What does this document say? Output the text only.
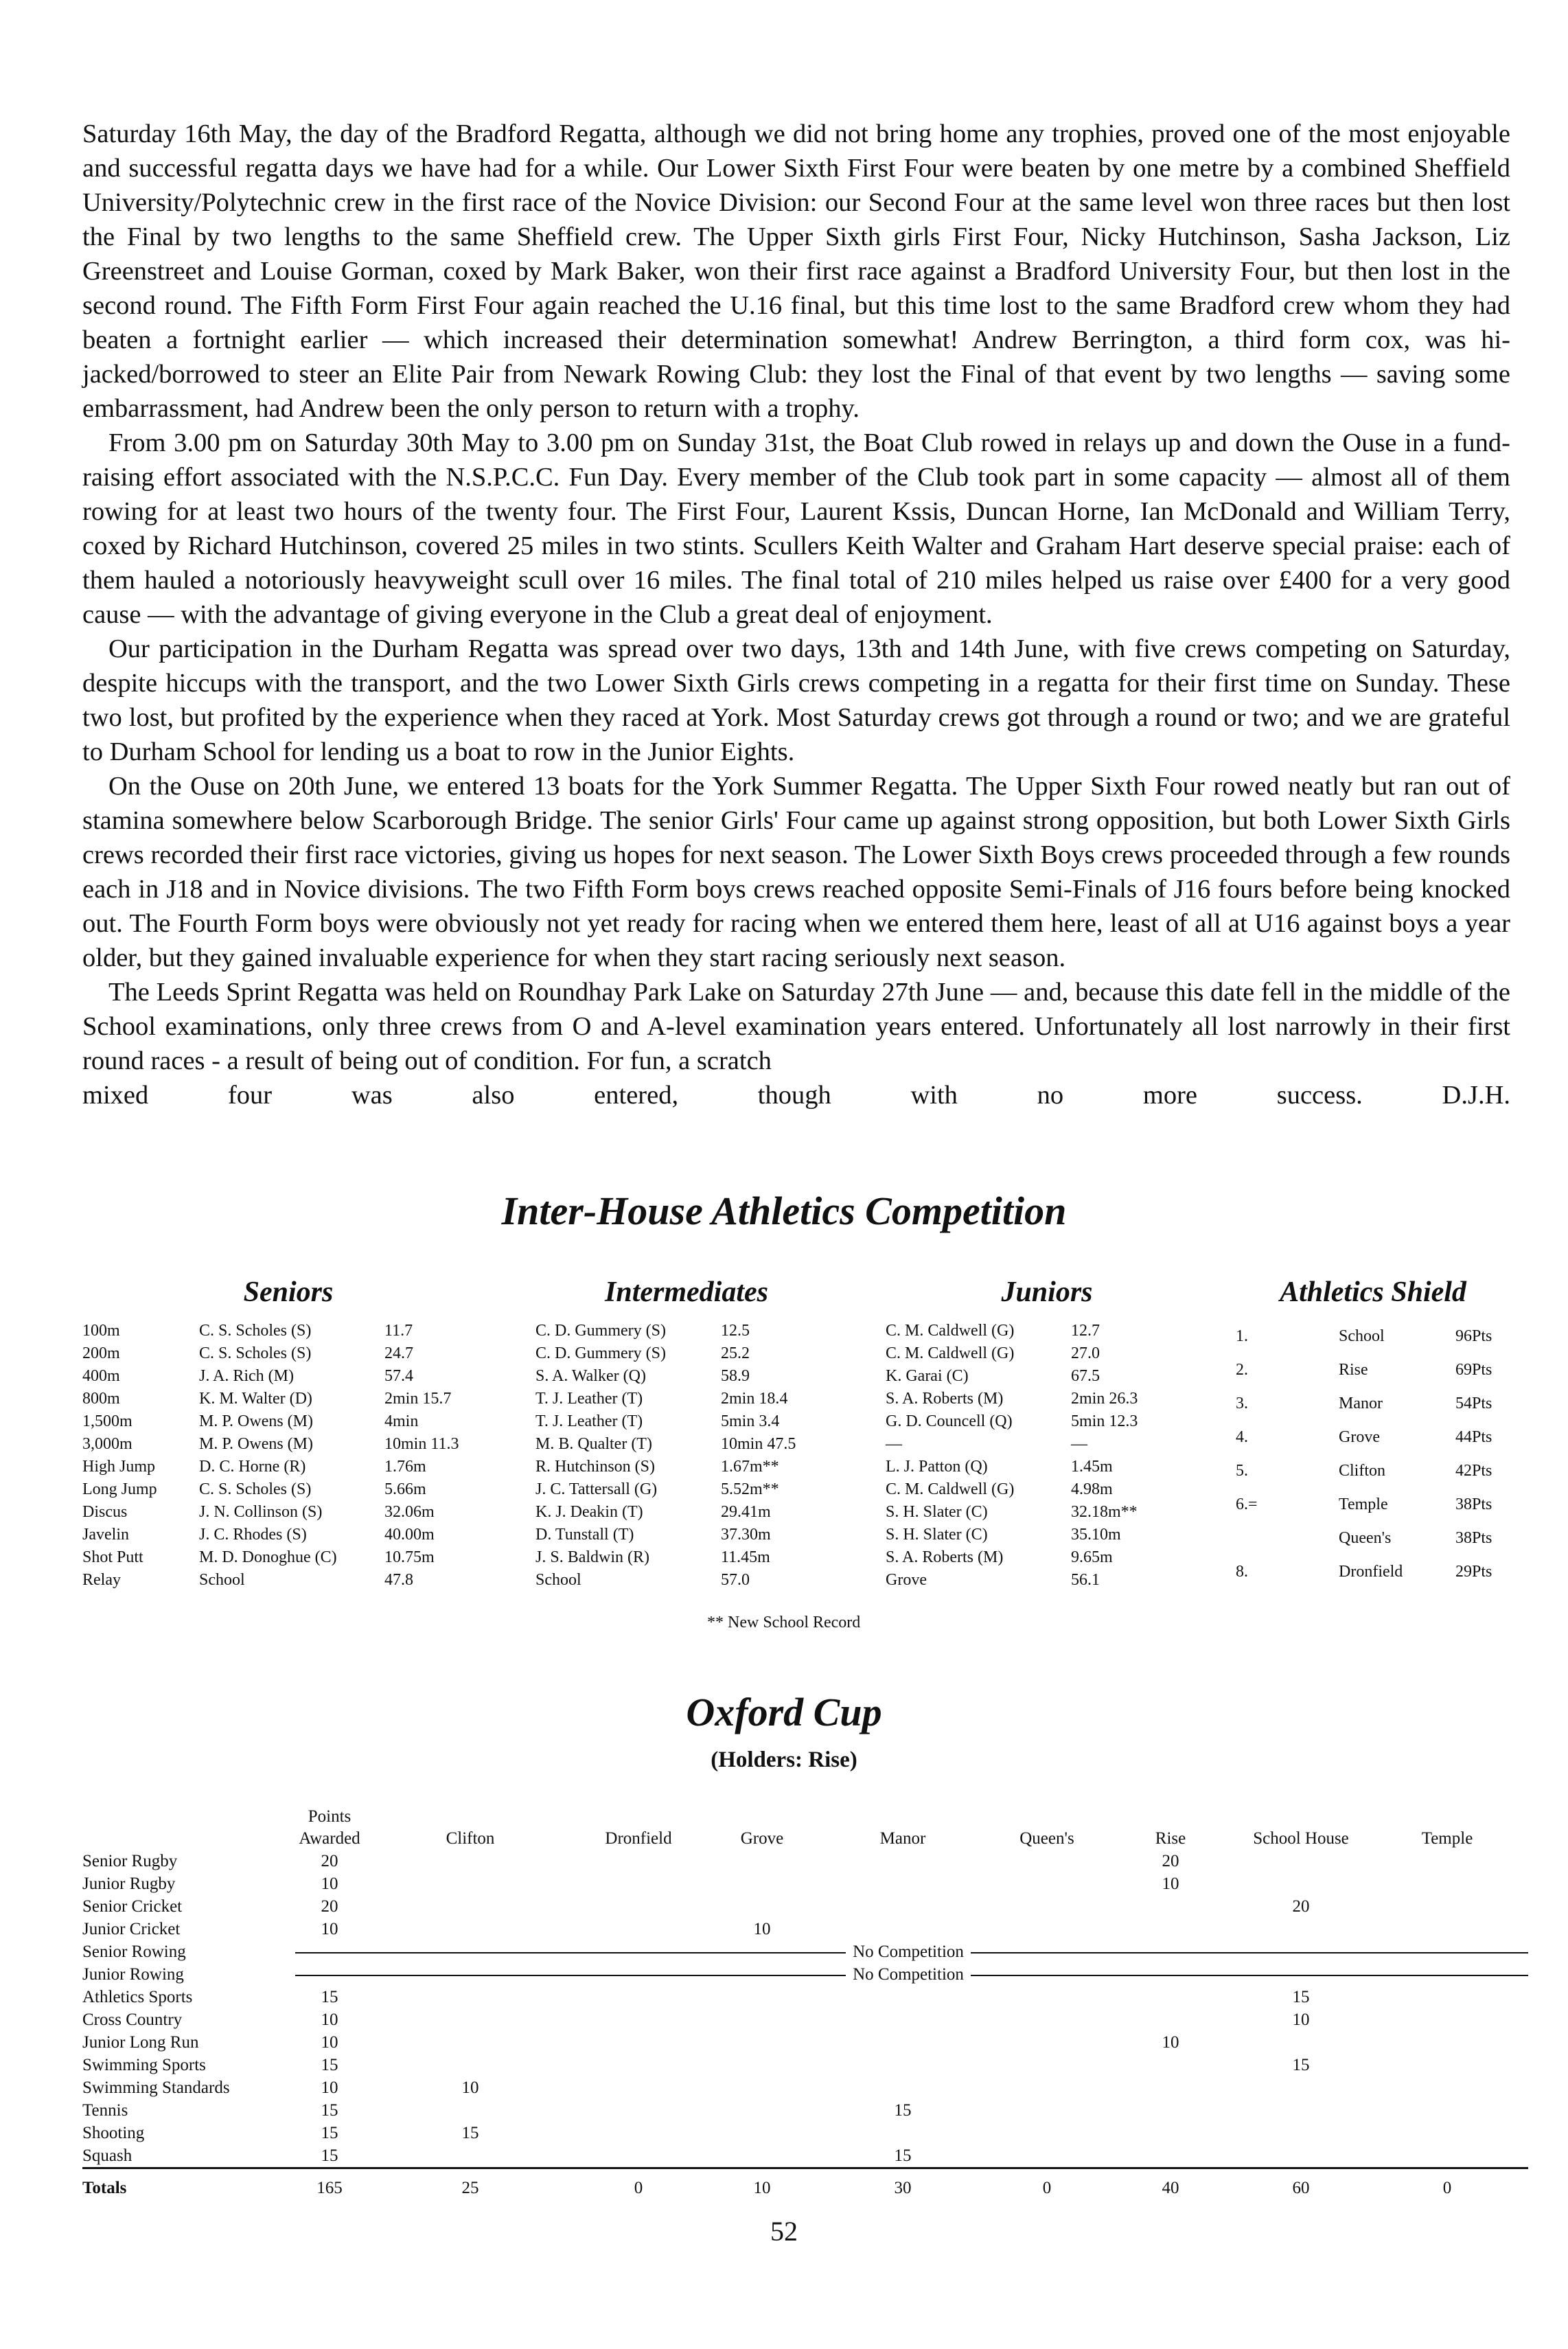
Saturday 16th May, the day of the Bradford Regatta, although we did not bring home any trophies, proved one of the most enjoyable and successful regatta days we have had for a while. Our Lower Sixth First Four were beaten by one metre by a combined Sheffield University/Polytechnic crew in the first race of the Novice Division: our Second Four at the same level won three races but then lost the Final by two lengths to the same Sheffield crew. The Upper Sixth girls First Four, Nicky Hutchinson, Sasha Jackson, Liz Greenstreet and Louise Gorman, coxed by Mark Baker, won their first race against a Bradford University Four, but then lost in the second round. The Fifth Form First Four again reached the U.16 final, but this time lost to the same Bradford crew whom they had beaten a fortnight earlier — which increased their determination somewhat! Andrew Berrington, a third form cox, was hi-jacked/borrowed to steer an Elite Pair from Newark Rowing Club: they lost the Final of that event by two lengths — saving some embarrassment, had Andrew been the only person to return with a trophy.

From 3.00 pm on Saturday 30th May to 3.00 pm on Sunday 31st, the Boat Club rowed in relays up and down the Ouse in a fund-raising effort associated with the N.S.P.C.C. Fun Day. Every member of the Club took part in some capacity — almost all of them rowing for at least two hours of the twenty four. The First Four, Laurent Kssis, Duncan Horne, Ian McDonald and William Terry, coxed by Richard Hutchinson, covered 25 miles in two stints. Scullers Keith Walter and Graham Hart deserve special praise: each of them hauled a notoriously heavyweight scull over 16 miles. The final total of 210 miles helped us raise over £400 for a very good cause — with the advantage of giving everyone in the Club a great deal of enjoyment.

Our participation in the Durham Regatta was spread over two days, 13th and 14th June, with five crews competing on Saturday, despite hiccups with the transport, and the two Lower Sixth Girls crews competing in a regatta for their first time on Sunday. These two lost, but profited by the experience when they raced at York. Most Saturday crews got through a round or two; and we are grateful to Durham School for lending us a boat to row in the Junior Eights.

On the Ouse on 20th June, we entered 13 boats for the York Summer Regatta. The Upper Sixth Four rowed neatly but ran out of stamina somewhere below Scarborough Bridge. The senior Girls' Four came up against strong opposition, but both Lower Sixth Girls crews recorded their first race victories, giving us hopes for next season. The Lower Sixth Boys crews proceeded through a few rounds each in J18 and in Novice divisions. The two Fifth Form boys crews reached opposite Semi-Finals of J16 fours before being knocked out. The Fourth Form boys were obviously not yet ready for racing when we entered them here, least of all at U16 against boys a year older, but they gained invaluable experience for when they start racing seriously next season.

The Leeds Sprint Regatta was held on Roundhay Park Lake on Saturday 27th June — and, because this date fell in the middle of the School examinations, only three crews from O and A-level examination years entered. Unfortunately all lost narrowly in their first round races - a result of being out of condition. For fun, a scratch

mixed four was also entered, though with no more success.	D.J.H.
Inter-House Athletics Competition
Seniors	Intermediates	Juniors	Athletics Shield
100m	C. S. Scholes (S)	11.7	C. D. Gummery (S)	12.5	C. M. Caldwell (G)	12.7
200m	C. S. Scholes (S)	24.7	C. D. Gummery (S)	25.2	C. M. Caldwell (G)	27.0
400m	J. A. Rich (M)	57.4	S. A. Walker (Q)	58.9	K. Garai (C)	67.5
800m	K. M. Walter (D)	2min 15.7	T. J. Leather (T)	2min 18.4	S. A. Roberts (M)	2min 26.3
1,500m	M. P. Owens (M)	4min	T. J. Leather (T)	5min 3.4	G. D. Councell (Q)	5min 12.3
3,000m	M. P. Owens (M)	10min 11.3	M. B. Qualter (T)	10min 47.5	—	—
High Jump	D. C. Horne (R)	1.76m	R. Hutchinson (S)	1.67m**	L. J. Patton (Q)	1.45m
Long Jump	C. S. Scholes (S)	5.66m	J. C. Tattersall (G)	5.52m**	C. M. Caldwell (G)	4.98m
Discus	J. N. Collinson (S)	32.06m	K. J. Deakin (T)	29.41m	S. H. Slater (C)	32.18m**
Javelin	J. C. Rhodes (S)	40.00m	D. Tunstall (T)	37.30m	S. H. Slater (C)	35.10m
Shot Putt	M. D. Donoghue (C)	10.75m	J. S. Baldwin (R)	11.45m	S. A. Roberts (M)	9.65m
Relay	School	47.8	School	57.0	Grove	56.1
1.	School	96Pts
2.	Rise	69Pts
3.	Manor	54Pts
4.	Grove	44Pts
5.	Clifton	42Pts
6.=	Temple	38Pts
	Queen's	38Pts
8.	Dronfield	29Pts
** New School Record
Oxford Cup
(Holders: Rise)
	Points Awarded	Clifton	Dronfield	Grove	Manor	Queen's	Rise	School House	Temple
Senior Rugby	20						20		
Junior Rugby	10						10		
Senior Cricket	20							20	
Junior Cricket	10			10					
Senior Rowing	No Competition								
Junior Rowing	No Competition								
Athletics Sports	15							15	
Cross Country	10							10	
Junior Long Run	10						10		
Swimming Sports	15							15	
Swimming Standards	10	10							
Tennis	15				15				
Shooting	15	15							
Squash	15				15				
Totals	165	25	0	10	30	0	40	60	0
52
